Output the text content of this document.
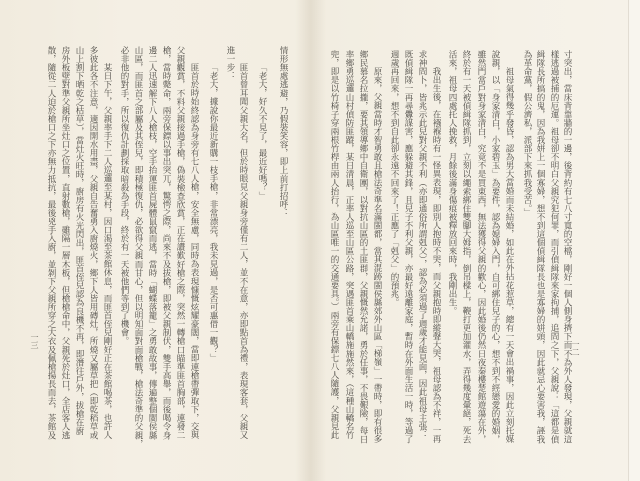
一二
寸突出，當床背靠牆的一邊，後背約有七八寸寬的空檔，剛好一個人側身擠下而不為外人發現，父親就這
樣逃過被捕的厄運。祖母卻不明白父親究犯何罪，而引偵緝隊來家拘捕，追問之下，父親說：「這都是偵
緝隊長所搞的鬼，因為我姘上一個寡婦，想不到這個偵緝隊長也是寡婦的姘頭，因此就忌心要害我，誣我
為革命黨，假公濟私，派部下來抓我受苦。」
祖母氣得幾乎發昏，認為男大當婚而未結婚，如此在外拈花惹草，總有一天會出禍事，因此立刻托媒
說親，以「身家清白，小家碧玉」為要件，認為媳婦入門，自可綁住兒子的心，想不到不經戀愛的婚姻，
雖然門當戶對身家清白，究竟不是買東西，無法獲得父親的歡心，因此婚後仍然日夜秦樓楚館遊蕩在外，
終於有一天被偵緝隊抓到，立刻以繩索綁住雙腳大姆指，倒吊樑上，鞭打更加灌水，弄得幾度暈絕，死去
活來，祖母四處托人挽救，月餘後滿身傷痕被釋放回來時，我剛出生。
我出生後，在襁褓時有一怪異表現，即別人抱時不哭，而父親抱時即縱聲大哭，祖母認為不祥，一再
求神問卜，皆兆示此兒對父親不利（亦即通俗所謂剋父），認為必須過了週歲才能見面，因此祖母主張：
既偵緝隊一再尋釁謀害，應躲避其鋒，且兒子不利父親，亦最好遠離家庭，暫時在外面生活一時，等過了
週歲再回來，想不到自此卻永遠不回來了！正應了「剋父」的預兆。
原來，父親當時才智勇敢且槍法奇準名滿閩都，當其混跡閩侯縣郊外山區「梯嶺」一帶時，即有很多
鄉民慕名拉攏，要其領導鄉中自衛團，以對抗山區的土匪群，父親慨然允諾，勇於任事，不畏艱險，每日
率鄉勇巡邏山村偵防匪蹤，某日清晨，正率人巡至山區公路，突遇匪首乘山轎施施然來，（這種山轎名竹
兜，即是以竹椅子穿兩根竹桿由兩人抬行，為山區唯一的交通要具。）兩旁有保鏢七八人隨護，父親見此
一三
情形無處逃避，乃假裝笑容，即上前打招呼：
「老大，好久不見了，最近好嗎？」
匪首曾耳聞父親大名，但於時眼見父親身旁僅有二人，並不在意，亦即點首為禮，表現客套，父親又
進一步：
「老大，據說你最近新購一枝手槍，非常漂亮，我未見過，是否可惠借一觀？」
匪首於時始終認為身旁有七八人槍，安全無慮，同時為表現慷慨炫耀豪闊，當即連槍帶彈取下，交與
父親觀賞，不料父親接過手槍，偽裝檢查欣賞，正在讚歎好槍之際，突然一轉槍口瞄準匪首胸部，連發二
槍，當時斃命，兩旁保鏢以事出突兀，驚愕之際，尚來不及拔槍，即被父親制伏，雙手高舉，而後喝令身
邊二人迅速解下八人槍枝，空手抬運匪首屍體鼠竄而逃，當時「蝴蝶落籠」之勇敢故事，傳遍整個閩侯縣
山區，而匪首之部屬及其侄兒，即積極復仇，必欲得父親而甘心，但以明知面對面槍戰，槍法奇準的父親，
必非他的對手，所以復仇計劃採取暗殺為手段，終於有一天被他們等到了機會。
某日下午，父親率手下二人巡邏至某村，因口渴至茶館休息，而匪首侄兒剛好正在茶館喝茶，也許人
多彼此各不注意，適因開水用盡，父親自告奮勇入廚燒火，鄉下人皆用磚灶，所燒又屬草把（即乾稻草或
山上割下晒乾之枯草），當灶火旺時，廚房有火光閃出，匪首侄兒認為良機不再，即潛往戶外，拔槍在廚
房外板壁對準父親所坐灶口之位置，直射數槍，雖隔一層木板，但槍槍命中，父親死於灶口，全店客人逃
散，隨從二人迫於槍口之下亦無力抵抗，最後兇手入廚，並剝下父親所穿之大衣及佩槍揚長而去，茶館及
